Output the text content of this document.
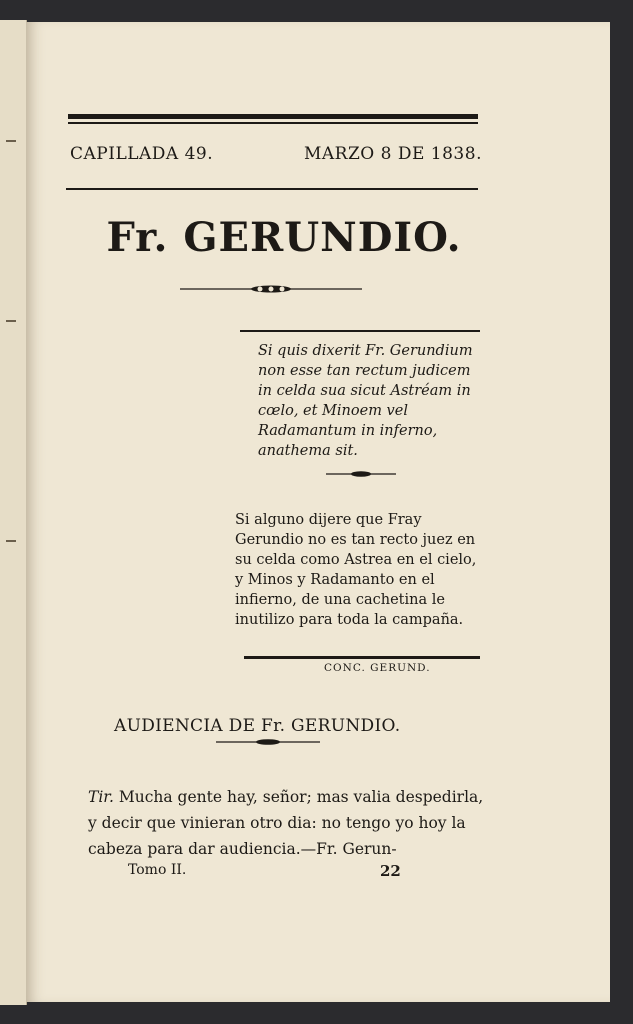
CAPILLADA 49.	MARZO 8 DE 1838.
Fr. GERUNDIO.
Si quis dixerit Fr. Gerundium non esse tan rectum judicem in celda sua sicut Astréam in cœlo, et Minoem vel Radamantum in inferno, anathema sit.
Si alguno dijere que Fray Gerundio no es tan recto juez en su celda como Astrea en el cielo, y Minos y Radamanto en el infierno, de una cachetina le inutilizo para toda la campaña.
CONC. GERUND.
AUDIENCIA DE Fr. GERUNDIO.
Tir. Mucha gente hay, señor; mas valia despedirla, y decir que vinieran otro dia: no tengo yo hoy la cabeza para dar audiencia.—Fr. Gerun-
Tomo II.	22
